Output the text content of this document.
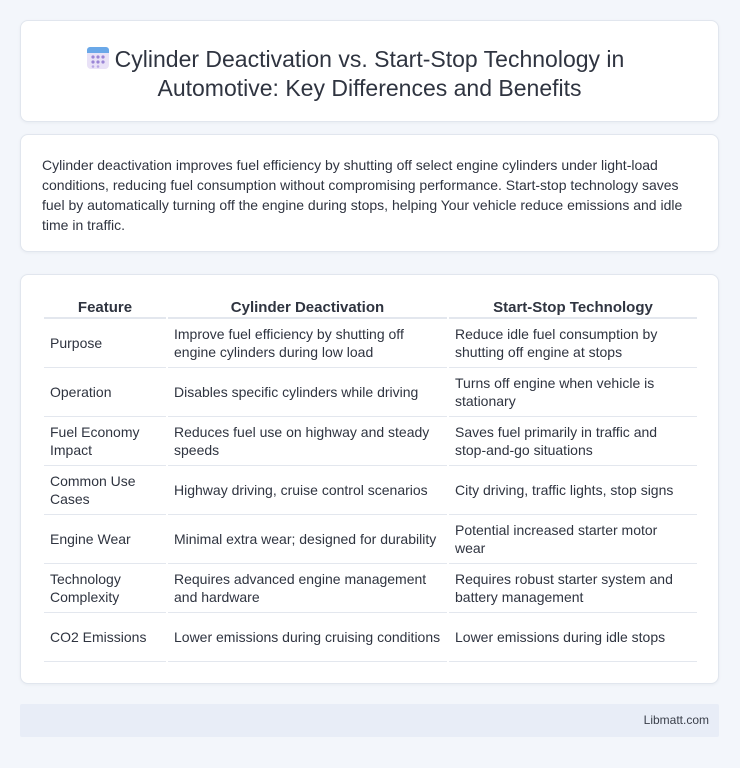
Cylinder Deactivation vs. Start-Stop Technology in Automotive: Key Differences and Benefits

Cylinder deactivation improves fuel efficiency by shutting off select engine cylinders under light-load conditions, reducing fuel consumption without compromising performance. Start-stop technology saves fuel by automatically turning off the engine during stops, helping Your vehicle reduce emissions and idle time in traffic.

Feature	Cylinder Deactivation	Start-Stop Technology
Purpose	Improve fuel efficiency by shutting off engine cylinders during low load	Reduce idle fuel consumption by shutting off engine at stops
Operation	Disables specific cylinders while driving	Turns off engine when vehicle is stationary
Fuel Economy Impact	Reduces fuel use on highway and steady speeds	Saves fuel primarily in traffic and stop-and-go situations
Common Use Cases	Highway driving, cruise control scenarios	City driving, traffic lights, stop signs
Engine Wear	Minimal extra wear; designed for durability	Potential increased starter motor wear
Technology Complexity	Requires advanced engine management and hardware	Requires robust starter system and battery management
CO2 Emissions	Lower emissions during cruising conditions	Lower emissions during idle stops
Libmatt.com
